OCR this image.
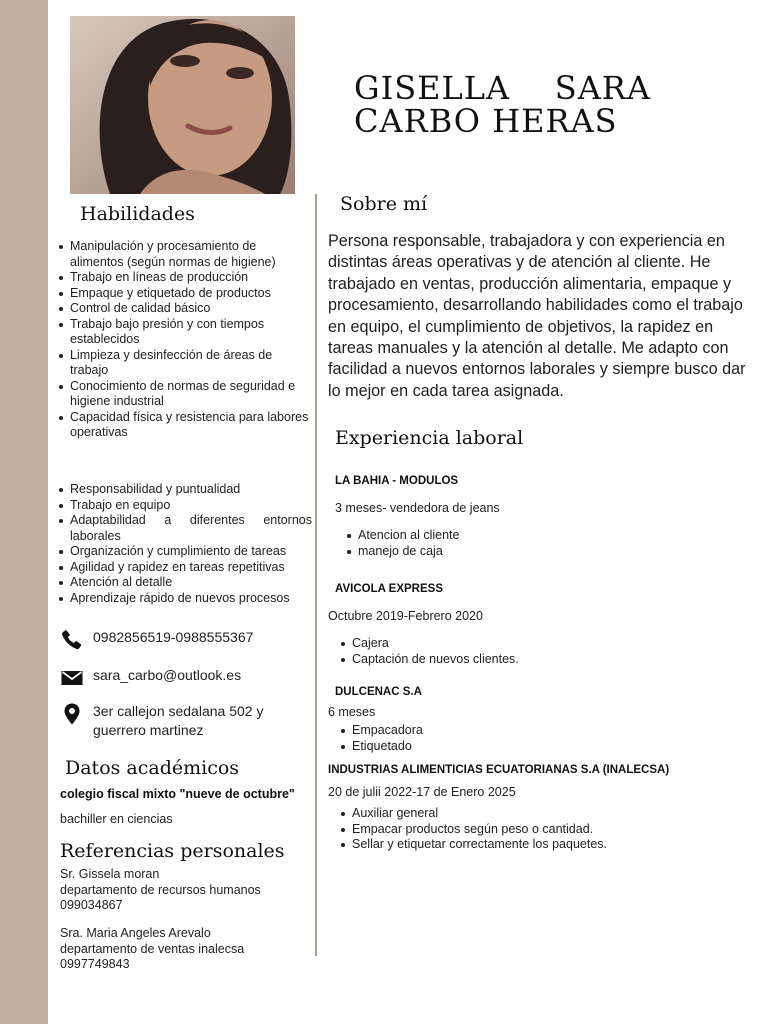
GISELLA SARA
CARBO HERAS
Habilidades
Manipulación y procesamiento de alimentos (según normas de higiene)
Trabajo en líneas de producción
Empaque y etiquetado de productos
Control de calidad básico
Trabajo bajo presión y con tiempos establecidos
Limpieza y desinfección de áreas de trabajo
Conocimiento de normas de seguridad e higiene industrial
Capacidad física y resistencia para labores operativas
Responsabilidad y puntualidad
Trabajo en equipo
Adaptabilidad a diferentes entornos laborales
Organización y cumplimiento de tareas
Agilidad y rapidez en tareas repetitivas
Atención al detalle
Aprendizaje rápido de nuevos procesos
0982856519-0988555367
sara_carbo@outlook.es
3er callejon sedalana 502 y guerrero martinez
Datos académicos
colegio fiscal mixto "nueve de octubre"
bachiller en ciencias
Referencias personales
Sr. Gissela moran
departamento de recursos humanos
099034867
Sra. Maria Angeles Arevalo
departamento de ventas inalecsa
0997749843
Sobre mí
Persona responsable, trabajadora y con experiencia en distintas áreas operativas y de atención al cliente. He trabajado en ventas, producción alimentaria, empaque y procesamiento, desarrollando habilidades como el trabajo en equipo, el cumplimiento de objetivos, la rapidez en tareas manuales y la atención al detalle. Me adapto con facilidad a nuevos entornos laborales y siempre busco dar lo mejor en cada tarea asignada.
Experiencia laboral
LA BAHIA - MODULOS
3 meses- vendedora de jeans
Atencion al cliente
manejo de caja
AVICOLA EXPRESS
Octubre 2019-Febrero 2020
Cajera
Captación de nuevos clientes.
DULCENAC S.A
6 meses
Empacadora
Etiquetado
INDUSTRIAS ALIMENTICIAS ECUATORIANAS S.A (INALECSA)
20 de julii 2022-17 de Enero 2025
Auxiliar general
Empacar productos según peso o cantidad.
Sellar y etiquetar correctamente los paquetes.
